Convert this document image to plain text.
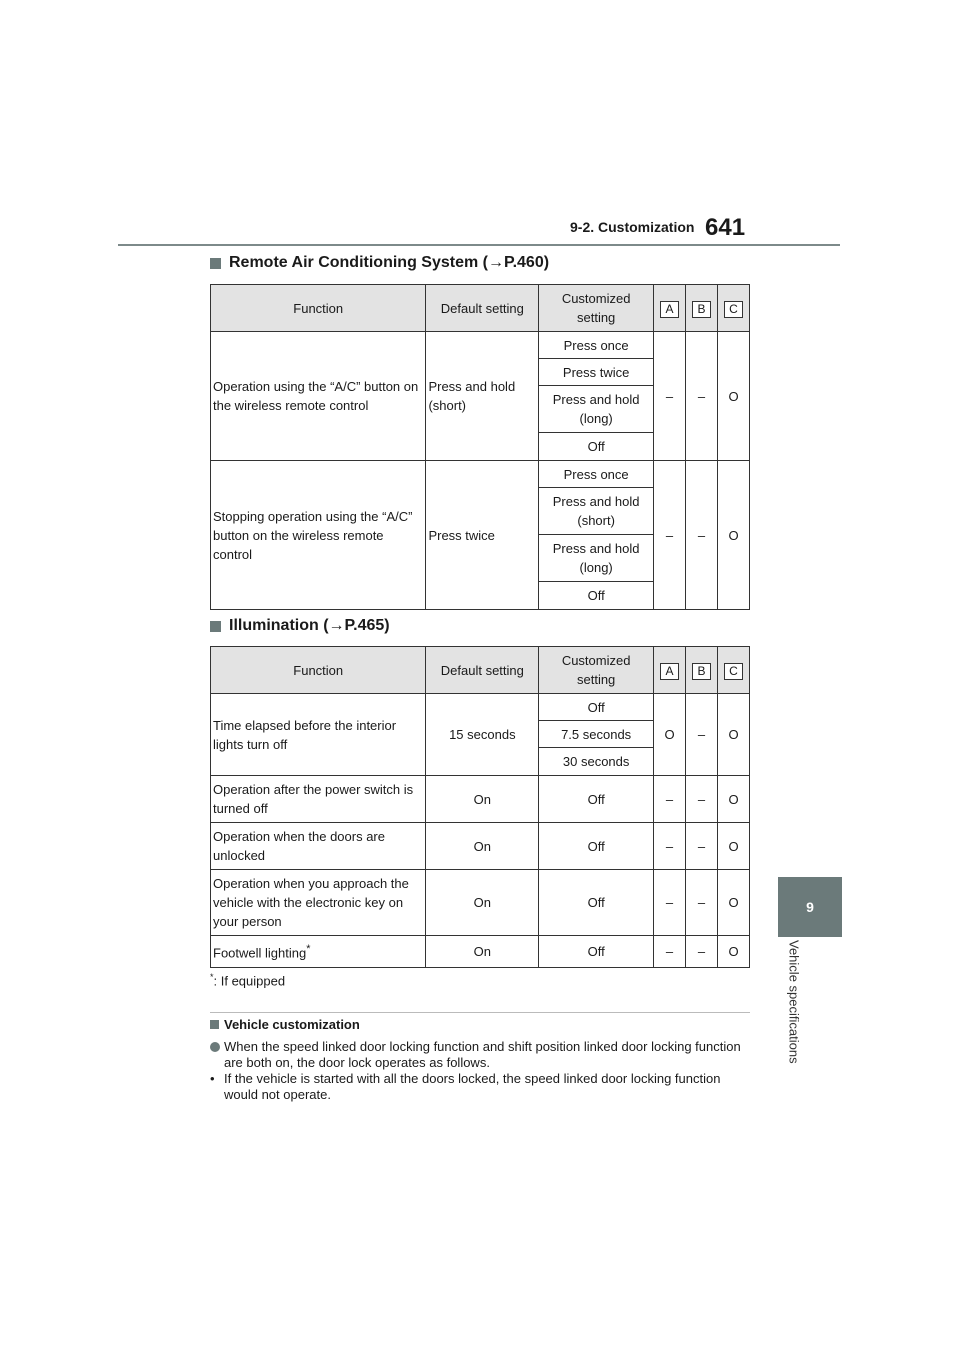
9-2. Customization 641
9
Vehicle specifications
Remote Air Conditioning System (→P.460)
Function	Default setting	Customized setting	A	B	C
Operation using the “A/C” button on the wireless remote control	Press and hold (short)	Press once	–	–	O
		Press twice			
		Press and hold (long)			
		Off			
Stopping operation using the “A/C” button on the wireless remote control	Press twice	Press once	–	–	O
		Press and hold (short)			
		Press and hold (long)			
		Off			
Illumination (→P.465)
Function	Default setting	Customized setting	A	B	C
Time elapsed before the interior lights turn off	15 seconds	Off	O	–	O
		7.5 seconds			
		30 seconds			
Operation after the power switch is turned off	On	Off	–	–	O
Operation when the doors are unlocked	On	Off	–	–	O
Operation when you approach the vehicle with the electronic key on your person	On	Off	–	–	O
Footwell lighting*	On	Off	–	–	O
*: If equipped
Vehicle customization
When the speed linked door locking function and shift position linked door locking function are both on, the door lock operates as follows.
• If the vehicle is started with all the doors locked, the speed linked door locking function would not operate.
